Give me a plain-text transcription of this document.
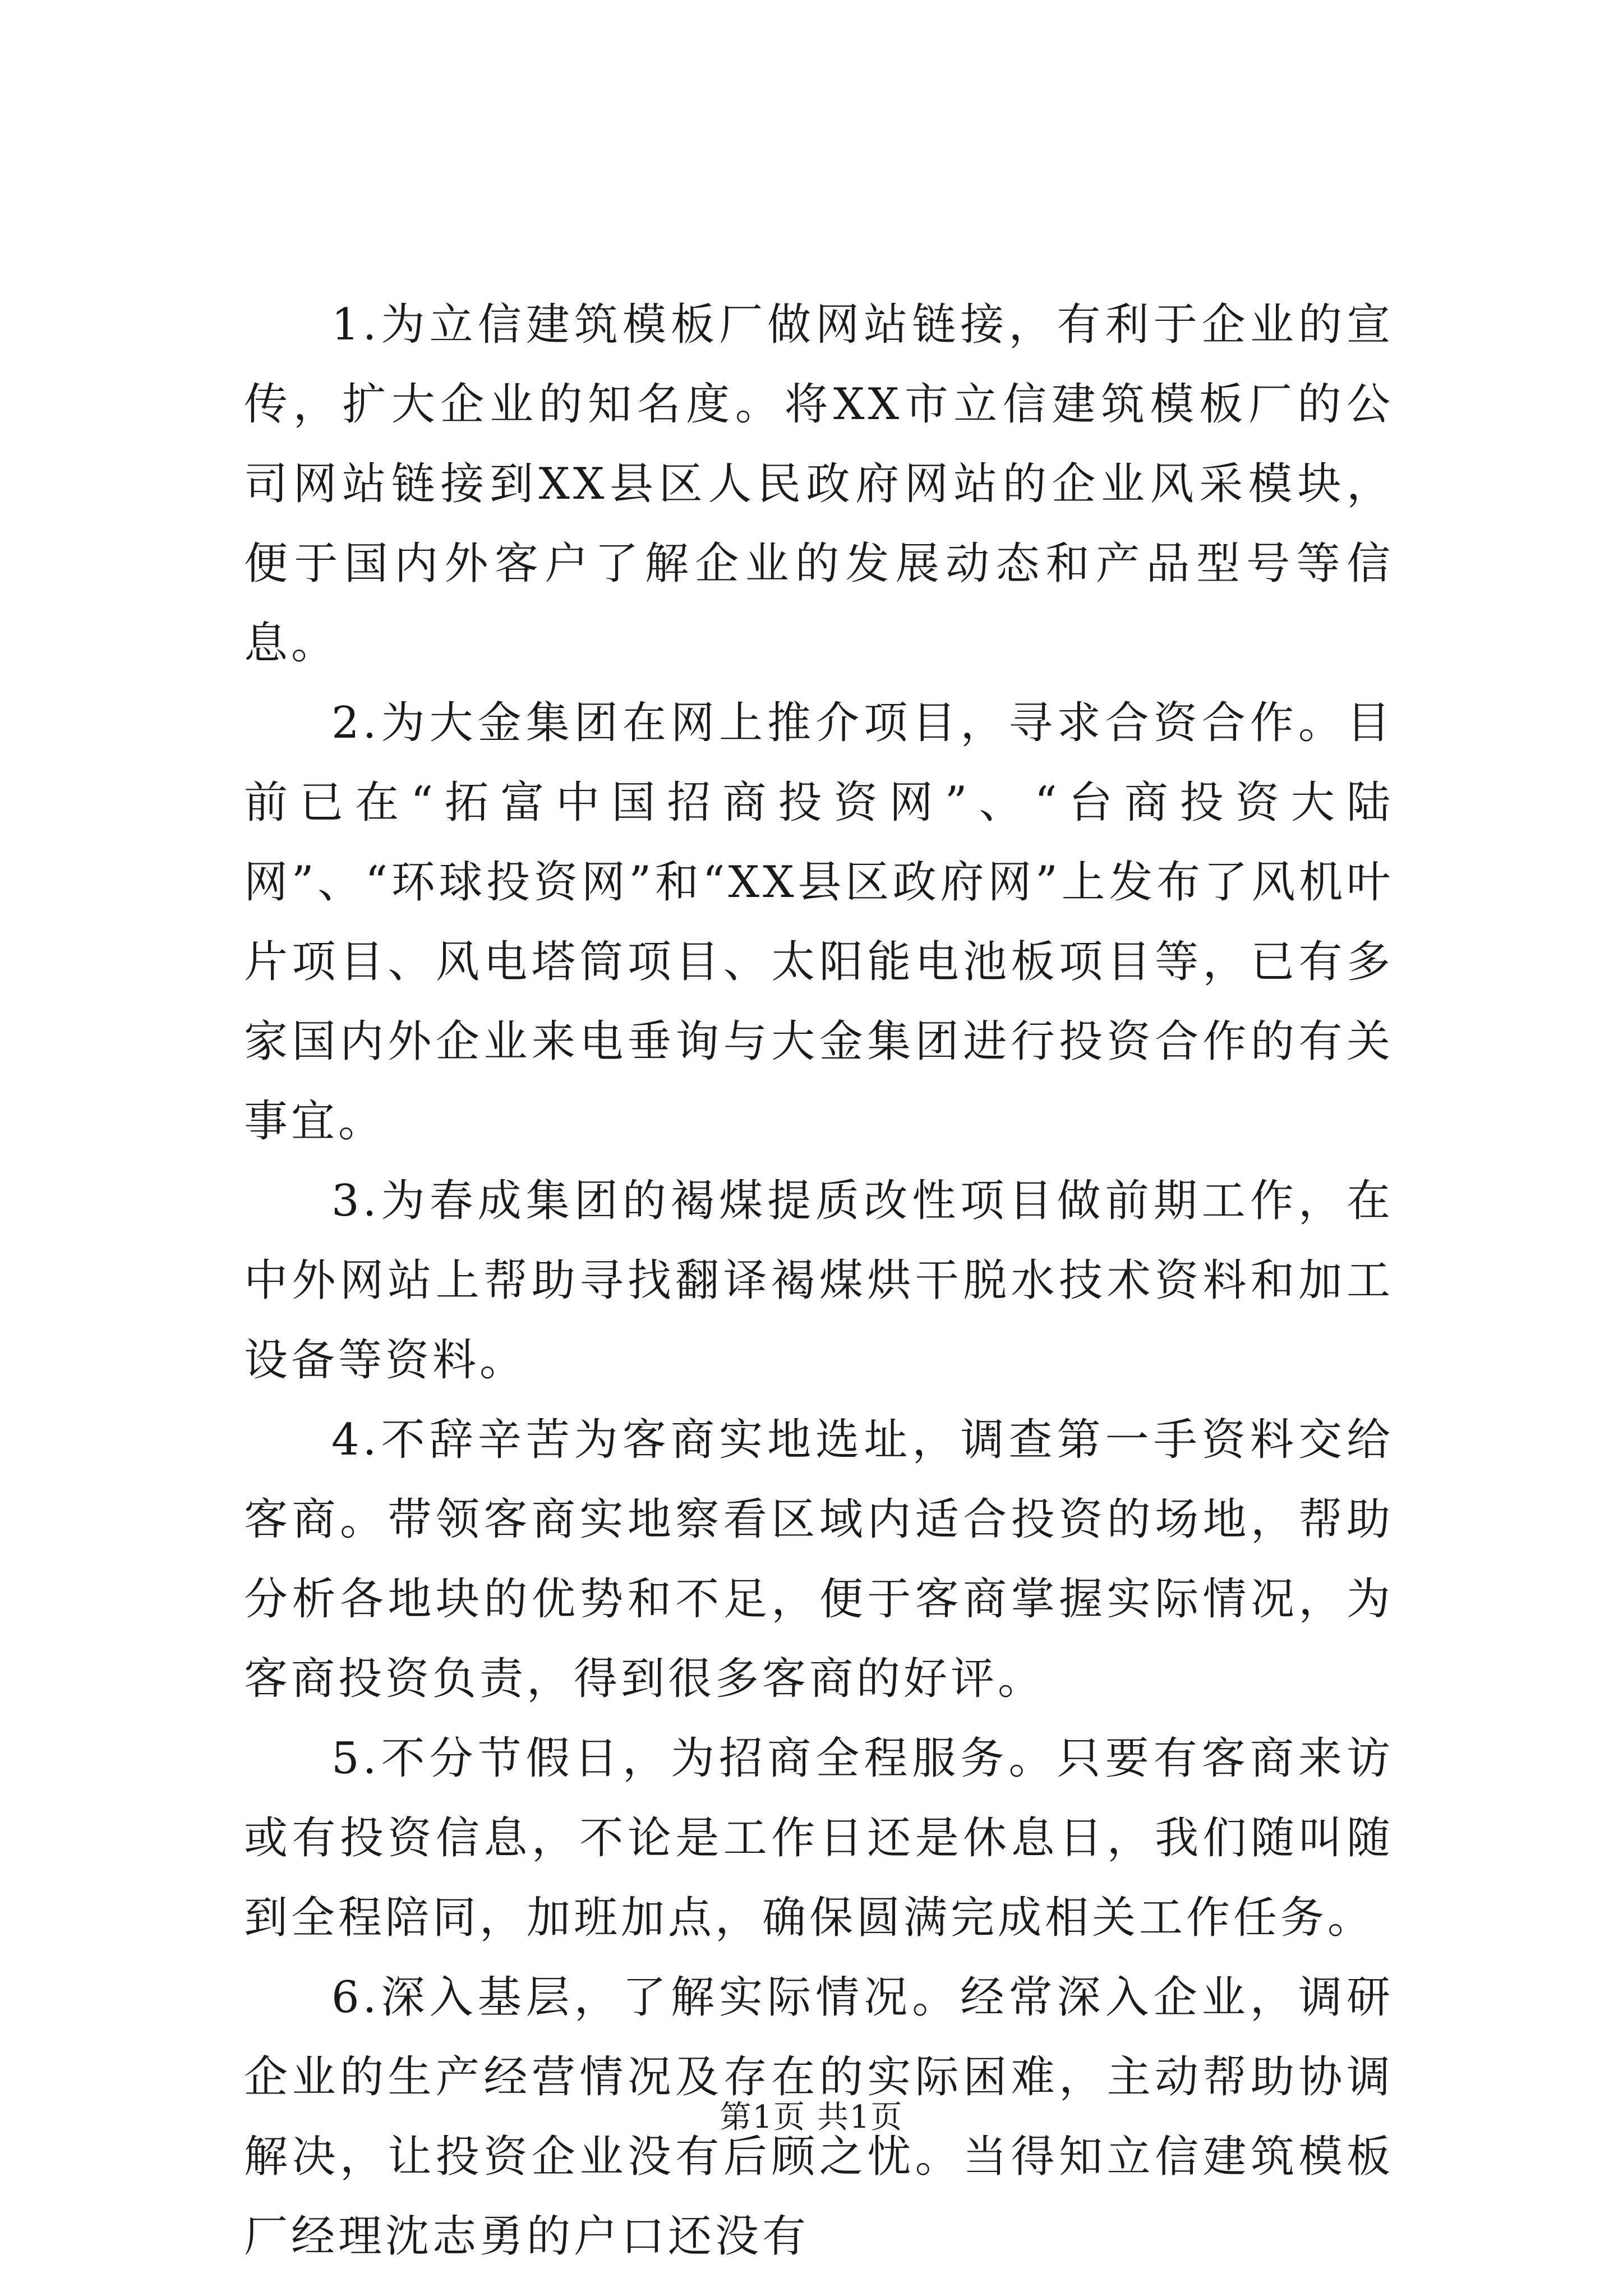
1.为立信建筑模板厂做网站链接，有利于企业的宣传，扩大企业的知名度。将XX市立信建筑模板厂的公司网站链接到XX县区人民政府网站的企业风采模块，便于国内外客户了解企业的发展动态和产品型号等信息。

2.为大金集团在网上推介项目，寻求合资合作。目前已在“拓富中国招商投资网”、“台商投资大陆网”、“环球投资网”和“XX县区政府网”上发布了风机叶片项目、风电塔筒项目、太阳能电池板项目等，已有多家国内外企业来电垂询与大金集团进行投资合作的有关事宜。

3.为春成集团的褐煤提质改性项目做前期工作，在中外网站上帮助寻找翻译褐煤烘干脱水技术资料和加工设备等资料。

4.不辞辛苦为客商实地选址，调查第一手资料交给客商。带领客商实地察看区域内适合投资的场地，帮助分析各地块的优势和不足，便于客商掌握实际情况，为客商投资负责，得到很多客商的好评。

5.不分节假日，为招商全程服务。只要有客商来访或有投资信息，不论是工作日还是休息日，我们随叫随到全程陪同，加班加点，确保圆满完成相关工作任务。

6.深入基层，了解实际情况。经常深入企业，调研企业的生产经营情况及存在的实际困难，主动帮助协调解决，让投资企业没有后顾之忧。当得知立信建筑模板厂经理沈志勇的户口还没有

第1页 共1页
